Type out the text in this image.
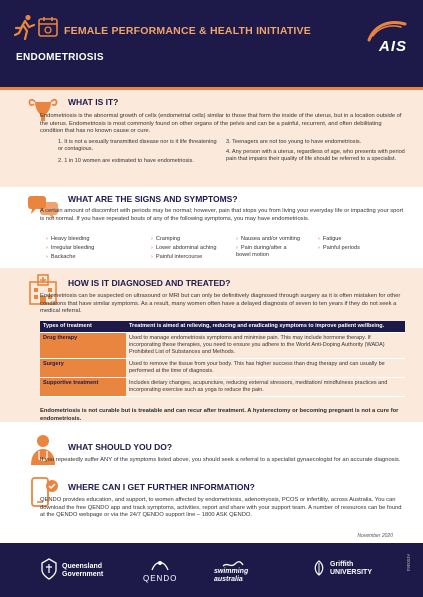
FEMALE PERFORMANCE & HEALTH INITIATIVE
ENDOMETRIOSIS
AIS
WHAT IS IT?
Endometriosis is the abnormal growth of cells (endometrial cells) similar to those that form the inside of the uterus, but in a location outside of the uterus. Endometriosis is most commonly found on other organs of the pelvis and can be a painful, recurrent, and often debilitating condition that has no known cause or cure.
1. It is not a sexually transmitted disease nor is it life threatening or contagious.
2. 1 in 10 women are estimated to have endometriosis.
3. Teenagers are not too young to have endometriosis.
4. Any person with a uterus, regardless of age, who presents with period pain that impairs their quality of life should be referred to a specialist.
WHAT ARE THE SIGNS AND SYMPTOMS?
A certain amount of discomfort with periods may be normal; however, pain that stops you from living your everyday life or impacting your sport is not normal. If you have repeated bouts of any of the following symptoms, you may have endometriosis.
› Heavy bleeding
› Irregular bleeding
› Backache
› Cramping
› Lower abdominal aching
› Painful intercourse
› Nausea and/or vomiting
› Pain during/after a bowel motion
› Fatigue
› Painful periods
HOW IS IT DIAGNOSED AND TREATED?
Endometriosis can be suspected on ultrasound or MRI but can only be definitively diagnosed through surgery as it is often mistaken for other conditions that have similar symptoms. As a result, many women often have a delayed diagnosis of seven to ten years if they do not seek a medical referral.
Types of treatment	Treatment is aimed at relieving, reducing and eradicating symptoms to improve patient wellbeing.
Drug therapy	Used to manage endometriosis symptoms and minimise pain. This may include hormone therapy. If incorporating these therapies, you need to ensure you adhere to the World Anti-Doping Authority (WADA) Prohibited List of Substances and Methods.
Surgery	Used to remove the tissue from your body. This has higher success than drug therapy and can usually be performed at the time of diagnosis.
Supportive treatment	Includes dietary changes, acupuncture, reducing external stressors, meditation/ mindfulness practices and incorporating exercise such as yoga to reduce the pain.
Endometriosis is not curable but is treatable and can recur after treatment. A hysterectomy or becoming pregnant is not a cure for endometriosis.
WHAT SHOULD YOU DO?
If you repeatedly suffer ANY of the symptoms listed above, you should seek a referral to a specialist gynaecologist for an accurate diagnosis.
WHERE CAN I GET FURTHER INFORMATION?
QENDO provides education, and support, to women affected by endometriosis, adenomyosis, PCOS or infertility, across Australia. You can download the free QENDO app and track symptoms, activities, report and share with your support team. A number of resources can be found at the QENDO webpage or via the 24/7 QENDO support line – 1800 ASK QENDO.
November 2020
Queensland Government	QENDO
swimming australia
Griffith UNIVERSITY
AIS0464
